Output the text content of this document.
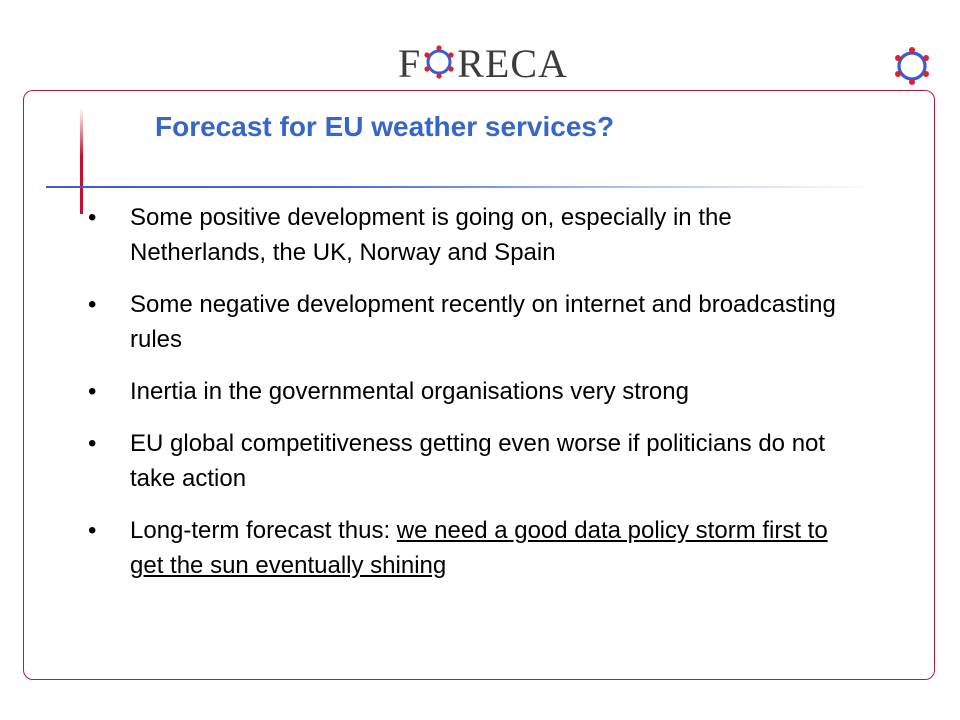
F RECA
Forecast for EU weather services?
• Some positive development is going on, especially in the Netherlands, the UK, Norway and Spain
• Some negative development recently on internet and broadcasting rules
• Inertia in the governmental organisations very strong
• EU global competitiveness getting even worse if politicians do not take action
• Long-term forecast thus: we need a good data policy storm first to get the sun eventually shining
